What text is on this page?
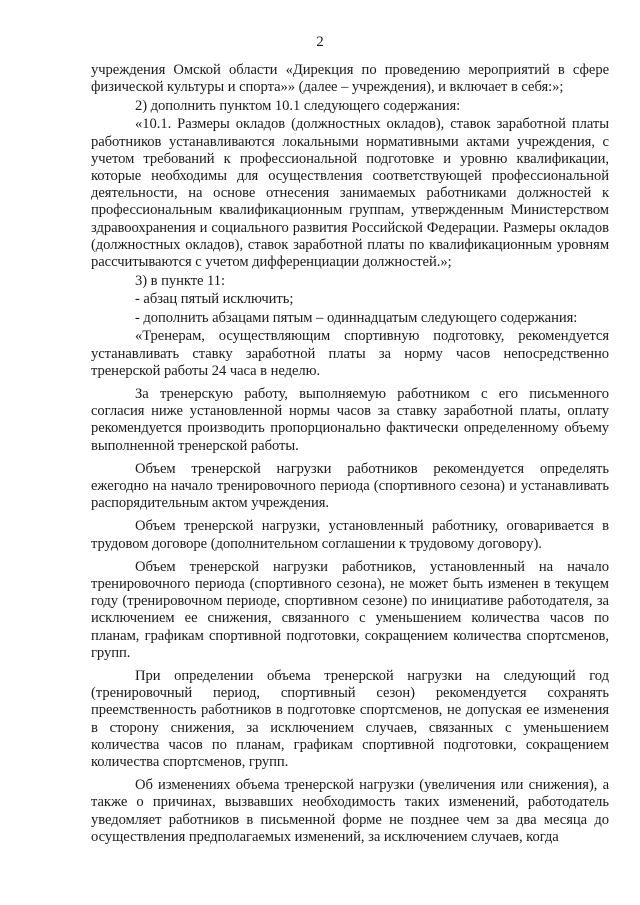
2

учреждения Омской области «Дирекция по проведению мероприятий в сфере физической культуры и спорта»» (далее – учреждения), и включает в себя:»;

2) дополнить пунктом 10.1 следующего содержания:

«10.1. Размеры окладов (должностных окладов), ставок заработной платы работников устанавливаются локальными нормативными актами учреждения, с учетом требований к профессиональной подготовке и уровню квалификации, которые необходимы для осуществления соответствующей профессиональной деятельности, на основе отнесения занимаемых работниками должностей к профессиональным квалификационным группам, утвержденным Министерством здравоохранения и социального развития Российской Федерации. Размеры окладов (должностных окладов), ставок заработной платы по квалификационным уровням рассчитываются с учетом дифференциации должностей.»;

3) в пункте 11:

- абзац пятый исключить;

- дополнить абзацами пятым – одиннадцатым следующего содержания:

«Тренерам, осуществляющим спортивную подготовку, рекомендуется устанавливать ставку заработной платы за норму часов непосредственно тренерской работы 24 часа в неделю.

За тренерскую работу, выполняемую работником с его письменного согласия ниже установленной нормы часов за ставку заработной платы, оплату рекомендуется производить пропорционально фактически определенному объему выполненной тренерской работы.

Объем тренерской нагрузки работников рекомендуется определять ежегодно на начало тренировочного периода (спортивного сезона) и устанавливать распорядительным актом учреждения.

Объем тренерской нагрузки, установленный работнику, оговаривается в трудовом договоре (дополнительном соглашении к трудовому договору).

Объем тренерской нагрузки работников, установленный на начало тренировочного периода (спортивного сезона), не может быть изменен в текущем году (тренировочном периоде, спортивном сезоне) по инициативе работодателя, за исключением ее снижения, связанного с уменьшением количества часов по планам, графикам спортивной подготовки, сокращением количества спортсменов, групп.

При определении объема тренерской нагрузки на следующий год (тренировочный период, спортивный сезон) рекомендуется сохранять преемственность работников в подготовке спортсменов, не допуская ее изменения в сторону снижения, за исключением случаев, связанных с уменьшением количества часов по планам, графикам спортивной подготовки, сокращением количества спортсменов, групп.

Об изменениях объема тренерской нагрузки (увеличения или снижения), а также о причинах, вызвавших необходимость таких изменений, работодатель уведомляет работников в письменной форме не позднее чем за два месяца до осуществления предполагаемых изменений, за исключением случаев, когда
